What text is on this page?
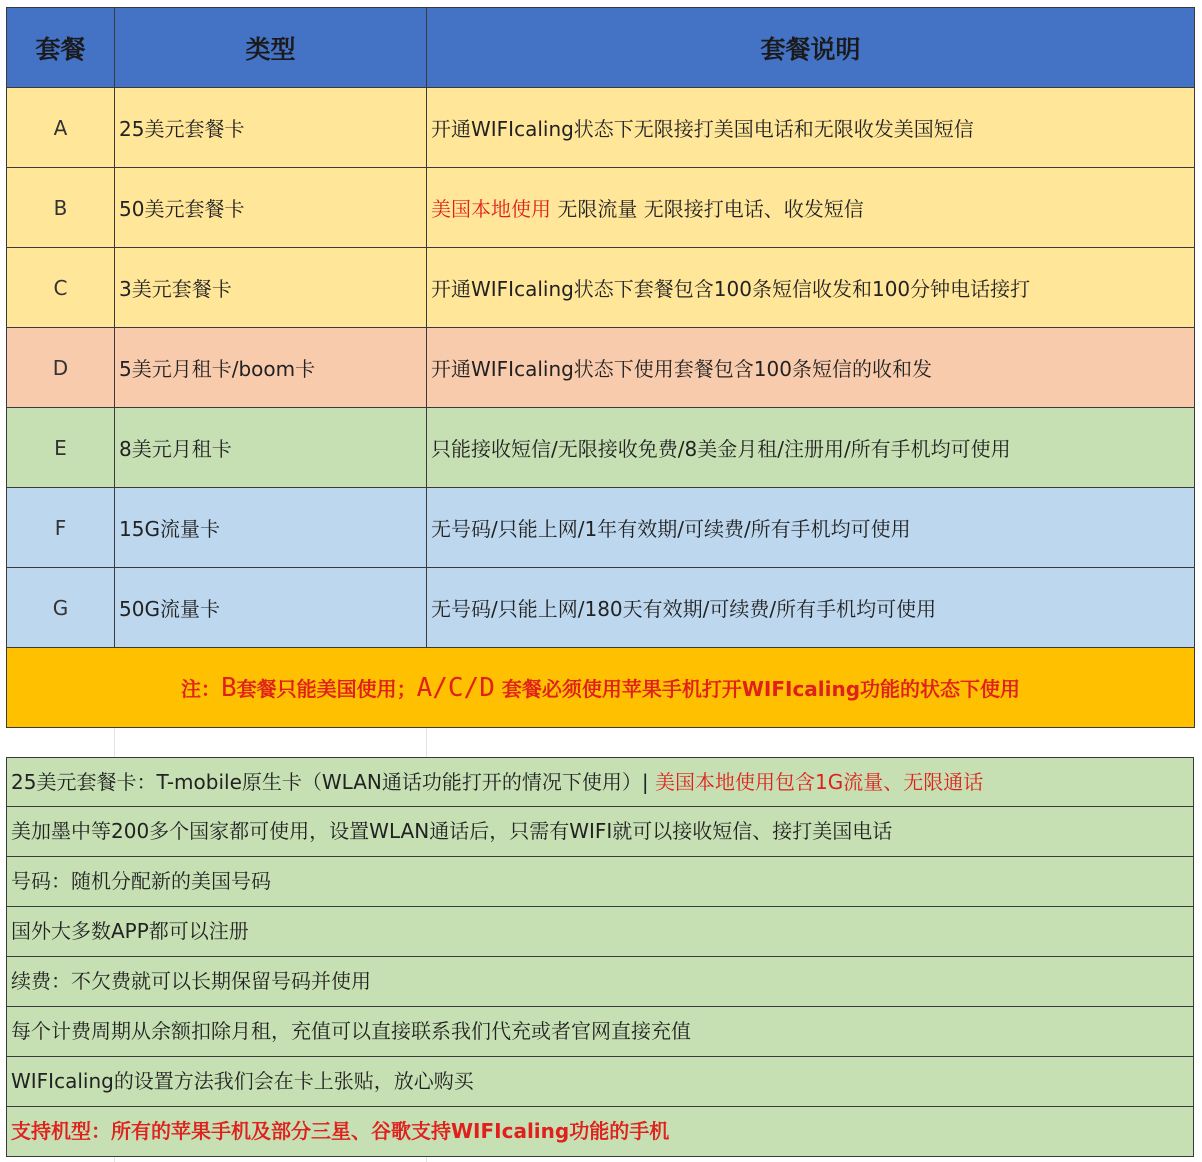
套餐	类型	套餐说明
A	25美元套餐卡	开通WIFIcaling状态下无限接打美国电话和无限收发美国短信
B	50美元套餐卡	美国本地使用 无限流量 无限接打电话、收发短信
C	3美元套餐卡	开通WIFIcaling状态下套餐包含100条短信收发和100分钟电话接打
D	5美元月租卡/boom卡	开通WIFIcaling状态下使用套餐包含100条短信的收和发
E	8美元月租卡	只能接收短信/无限接收免费/8美金月租/注册用/所有手机均可使用
F	15G流量卡	无号码/只能上网/1年有效期/可续费/所有手机均可使用
G	50G流量卡	无号码/只能上网/180天有效期/可续费/所有手机均可使用
注：B套餐只能美国使用；A/C/D 套餐必须使用苹果手机打开WIFIcaling功能的状态下使用		
25美元套餐卡：T-mobile原生卡（WLAN通话功能打开的情况下使用）| 美国本地使用包含1G流量、无限通话
美加墨中等200多个国家都可使用，设置WLAN通话后，只需有WIFI就可以接收短信、接打美国电话
号码：随机分配新的美国号码
国外大多数APP都可以注册
续费：不欠费就可以长期保留号码并使用
每个计费周期从余额扣除月租，充值可以直接联系我们代充或者官网直接充值
WIFIcaling的设置方法我们会在卡上张贴，放心购买
支持机型：所有的苹果手机及部分三星、谷歌支持WIFIcaling功能的手机
